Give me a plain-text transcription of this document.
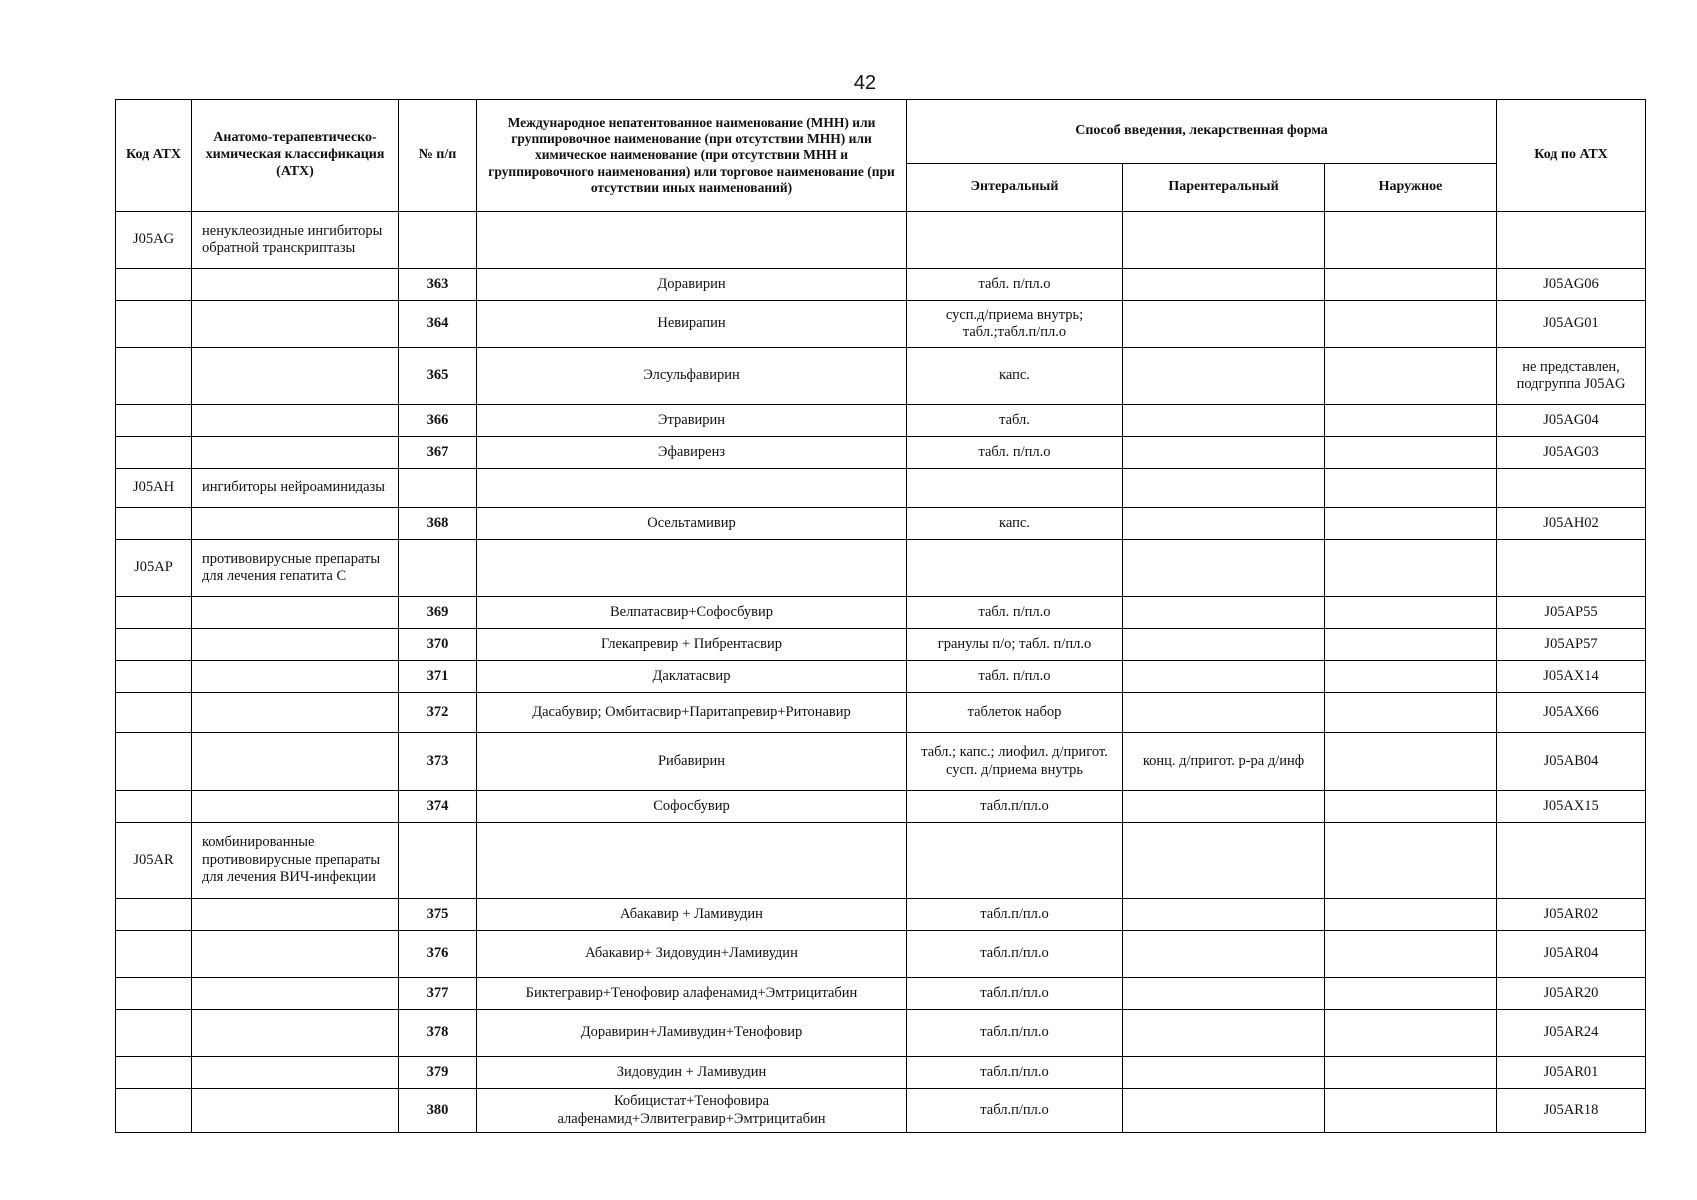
42
Код АТХ	Анатомо-терапевтическо-химическая классификация (АТХ)	№ п/п	Международное непатентованное наименование (МНН) или группировочное наименование (при отсутствии МНН) или химическое наименование (при отсутствии МНН и группировочного наименования) или торговое наименование (при отсутствии иных наименований)	Способ введения, лекарственная форма			Код по АТХ
				Энтеральный	Парентеральный	Наружное	
J05AG	ненуклеозидные ингибиторы обратной транскриптазы						
		363	Доравирин	табл. п/пл.о			J05AG06
		364	Невирапин	сусп.д/приема внутрь; табл.;табл.п/пл.о			J05AG01
		365	Элсульфавирин	капс.			не представлен, подгруппа J05AG
		366	Этравирин	табл.			J05AG04
		367	Эфавиренз	табл. п/пл.о			J05AG03
J05AH	ингибиторы нейроаминидазы						
		368	Осельтамивир	капс.			J05AH02
J05AP	противовирусные препараты для лечения гепатита С						
		369	Велпатасвир+Софосбувир	табл. п/пл.о			J05AP55
		370	Глекапревир + Пибрентасвир	гранулы п/о; табл. п/пл.о			J05AP57
		371	Даклатасвир	табл. п/пл.о			J05AX14
		372	Дасабувир; Омбитасвир+Паритапревир+Ритонавир	таблеток набор			J05AX66
		373	Рибавирин	табл.; капс.; лиофил. д/пригот. сусп. д/приема внутрь	конц. д/пригот. р-ра д/инф		J05AB04
		374	Софосбувир	табл.п/пл.о			J05AX15
J05AR	комбинированные противовирусные препараты для лечения ВИЧ-инфекции						
		375	Абакавир + Ламивудин	табл.п/пл.о			J05AR02
		376	Абакавир+ Зидовудин+Ламивудин	табл.п/пл.о			J05AR04
		377	Биктегравир+Тенофовир алафенамид+Эмтрицитабин	табл.п/пл.о			J05AR20
		378	Доравирин+Ламивудин+Тенофовир	табл.п/пл.о			J05AR24
		379	Зидовудин + Ламивудин	табл.п/пл.о			J05AR01
		380	Кобицистат+Тенофовира алафенамид+Элвитегравир+Эмтрицитабин	табл.п/пл.о			J05AR18
